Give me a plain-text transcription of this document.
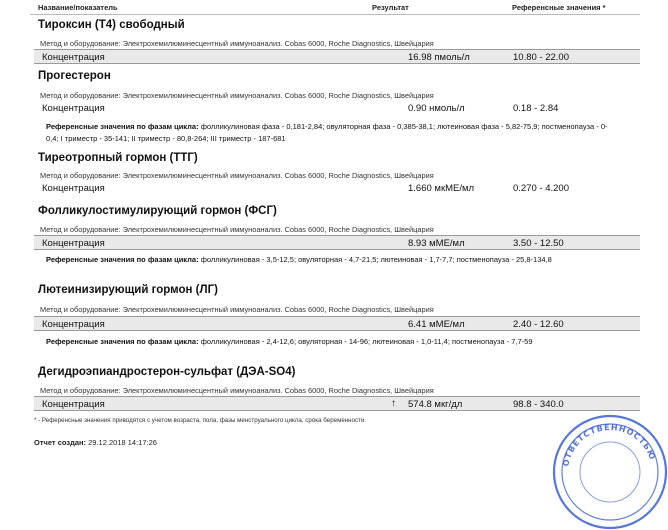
Название/показатель	Результат	Референсные значения *
Тироксин (Т4) свободный
Метод и оборудование: Электрохемилюминесцентный иммуноанализ. Cobas 6000, Roche Diagnostics, Швейцария
Концентрация	16.98 пмоль/л	10.80 - 22.00
Прогестерон
Метод и оборудование: Электрохемилюминесцентный иммуноанализ. Cobas 6000, Roche Diagnostics, Швейцария
Концентрация	0.90 нмоль/л	0.18 - 2.84
Референсные значения по фазам цикла: фолликулиновая фаза - 0,181-2,84; овуляторная фаза - 0,385-38,1; лютеиновая фаза - 5,82-75,9; постменопауза - 0-0,4; I триместр - 35-141; II триместр - 80,8-264; III триместр - 187-681
Тиреотропный гормон (ТТГ)
Метод и оборудование: Электрохемилюминесцентный иммуноанализ. Cobas 6000, Roche Diagnostics, Швейцария
Концентрация	1.660 мкМЕ/мл	0.270 - 4.200
Фолликулостимулирующий гормон (ФСГ)
Метод и оборудование: Электрохемилюминесцентный иммуноанализ. Cobas 6000, Roche Diagnostics, Швейцария
Концентрация	8.93 мМЕ/мл	3.50 - 12.50
Референсные значения по фазам цикла: фолликулиновая - 3,5-12,5; овуляторная - 4,7-21,5; лютеиновая - 1,7-7,7; постменопауза - 25,8-134,8
Лютеинизирующий гормон (ЛГ)
Метод и оборудование: Электрохемилюминесцентный иммуноанализ. Cobas 6000, Roche Diagnostics, Швейцария
Концентрация	6.41 мМЕ/мл	2.40 - 12.60
Референсные значения по фазам цикла: фолликулиновая - 2,4-12,6; овуляторная - 14-96; лютеиновая - 1,0-11,4; постменопауза - 7,7-59
Дегидроэпиандростерон-сульфат (ДЭА-SO4)
Метод и оборудование: Электрохемилюминесцентный иммуноанализ. Cobas 6000, Roche Diagnostics, Швейцария
Концентрация	↑ 574.8 мкг/дл	98.8 - 340.0
* - Референсные значения приводятся с учетом возраста, пола, фазы менструального цикла, срока беременности.
Отчет создан: 29.12.2018 14:17:26
ОТВЕТСТВЕННОСТЬЮ
